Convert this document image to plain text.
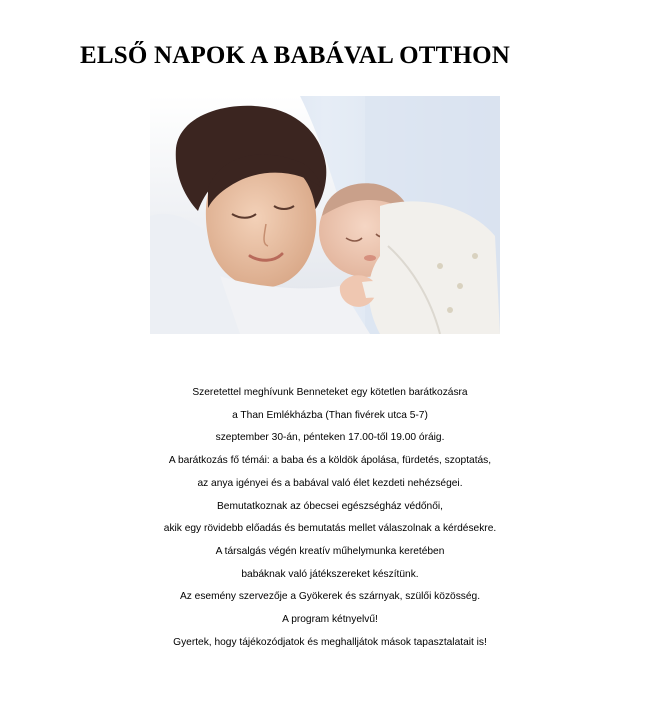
ELSŐ NAPOK A BABÁVAL OTTHON

Szeretettel meghívunk Benneteket egy kötetlen barátkozásra

a Than Emlékházba (Than fivérek utca 5-7)

szeptember 30-án, pénteken 17.00-től 19.00 óráig.

A barátkozás fő témái: a baba és a köldök ápolása, fürdetés, szoptatás,

az anya igényei és a babával való élet kezdeti nehézségei.

Bemutatkoznak az óbecsei egészségház védőnői,

akik egy rövidebb előadás és bemutatás mellet válaszolnak a kérdésekre.

A társalgás végén kreatív műhelymunka keretében

babáknak való játékszereket készítünk.

Az esemény szervezője a Gyökerek és szárnyak, szülői közösség.

A program kétnyelvű!

Gyertek, hogy tájékozódjatok és meghalljátok mások tapasztalatait is!
